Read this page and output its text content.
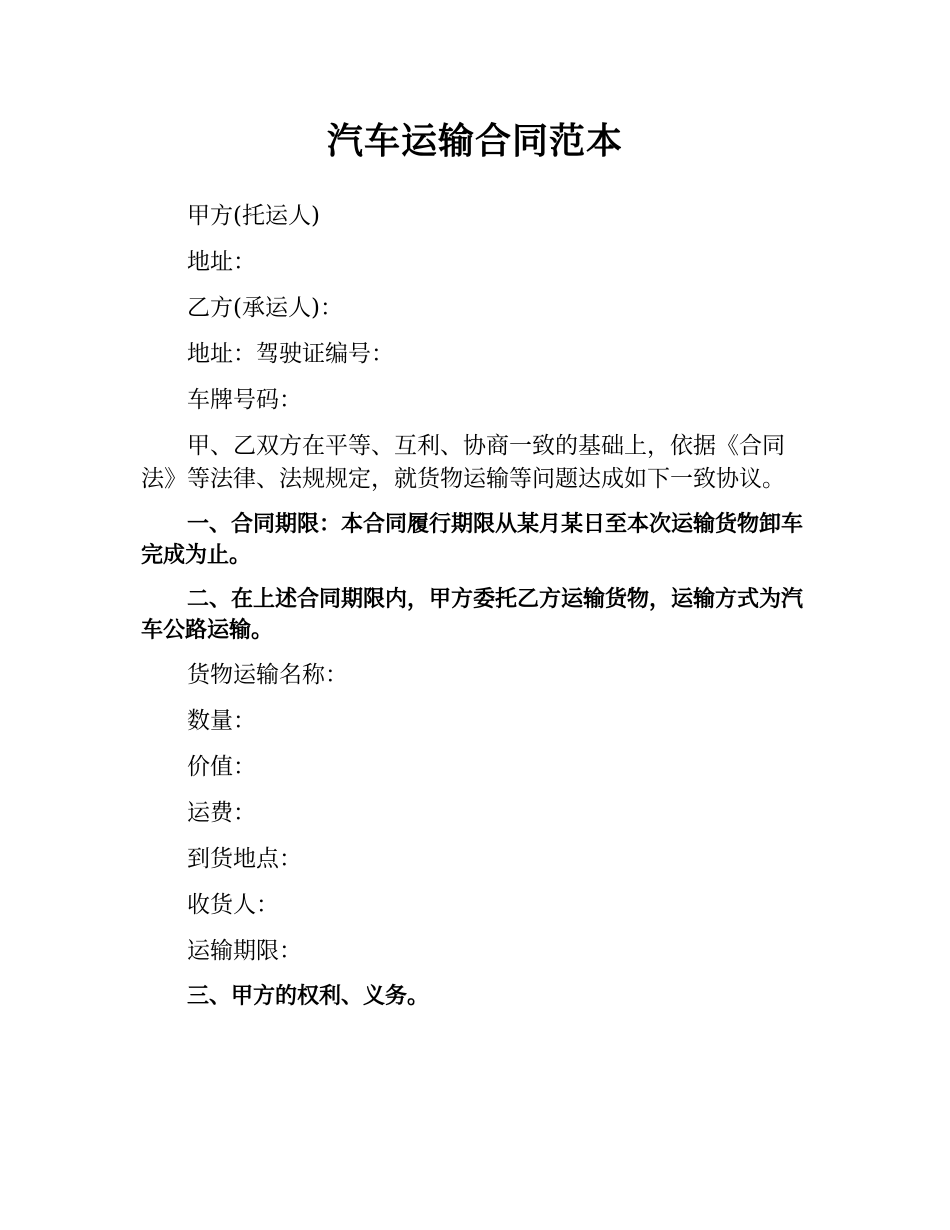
汽车运输合同范本

甲方(托运人)

地址：

乙方(承运人)：

地址：驾驶证编号：

车牌号码：

甲、乙双方在平等、互利、协商一致的基础上，依据《合同法》等法律、法规规定，就货物运输等问题达成如下一致协议。

一、合同期限：本合同履行期限从某月某日至本次运输货物卸车完成为止。

二、在上述合同期限内，甲方委托乙方运输货物，运输方式为汽车公路运输。

货物运输名称：

数量：

价值：

运费：

到货地点：

收货人：

运输期限：

三、甲方的权利、义务。
